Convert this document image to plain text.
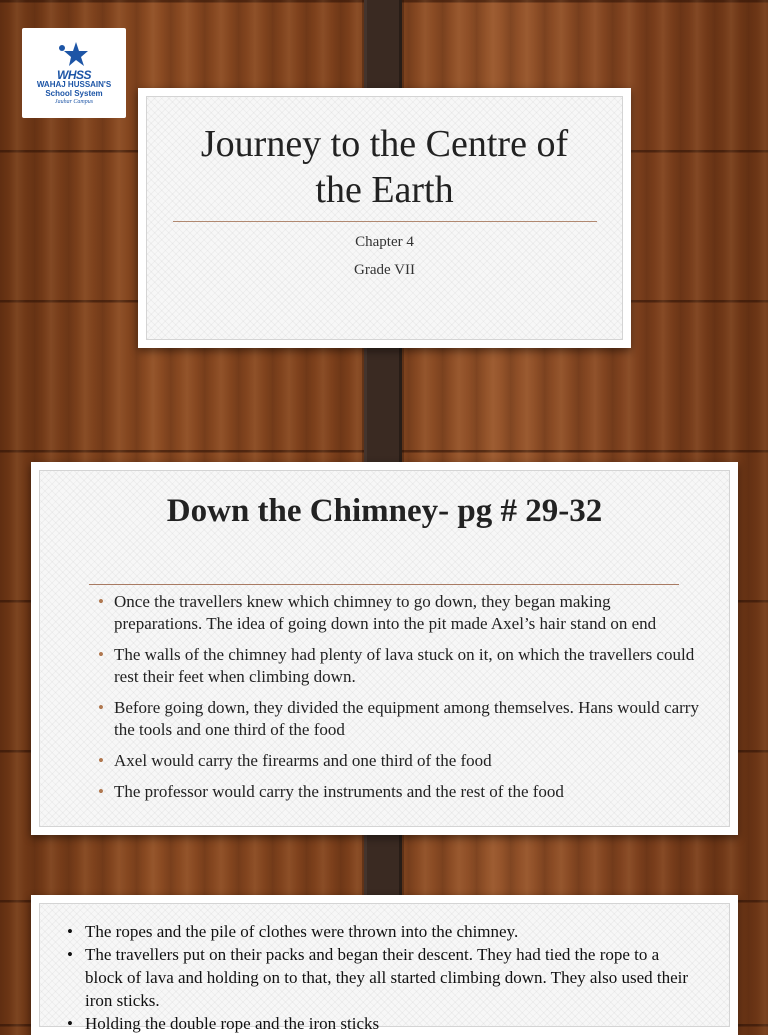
WHSS
WAHAJ HUSSAIN'S
School System
Jauhar Campus
Journey to the Centre of
the Earth
Chapter 4
Grade VII
Down the Chimney- pg # 29-32
• Once the travellers knew which chimney to go down, they began making preparations. The idea of going down into the pit made Axel’s hair stand on end
• The walls of the chimney had plenty of lava stuck on it, on which the travellers could rest their feet when climbing down.
• Before going down, they divided the equipment among themselves. Hans would carry the tools and one third of the food
• Axel would carry the firearms and one third of the food
• The professor would carry the instruments and the rest of the food
• The ropes and the pile of clothes were thrown into the chimney.
• The travellers put on their packs and began their descent. They had tied the rope to a block of lava and holding on to that, they all started climbing down. They also used their iron sticks.
• Holding the double rope and the iron sticks
